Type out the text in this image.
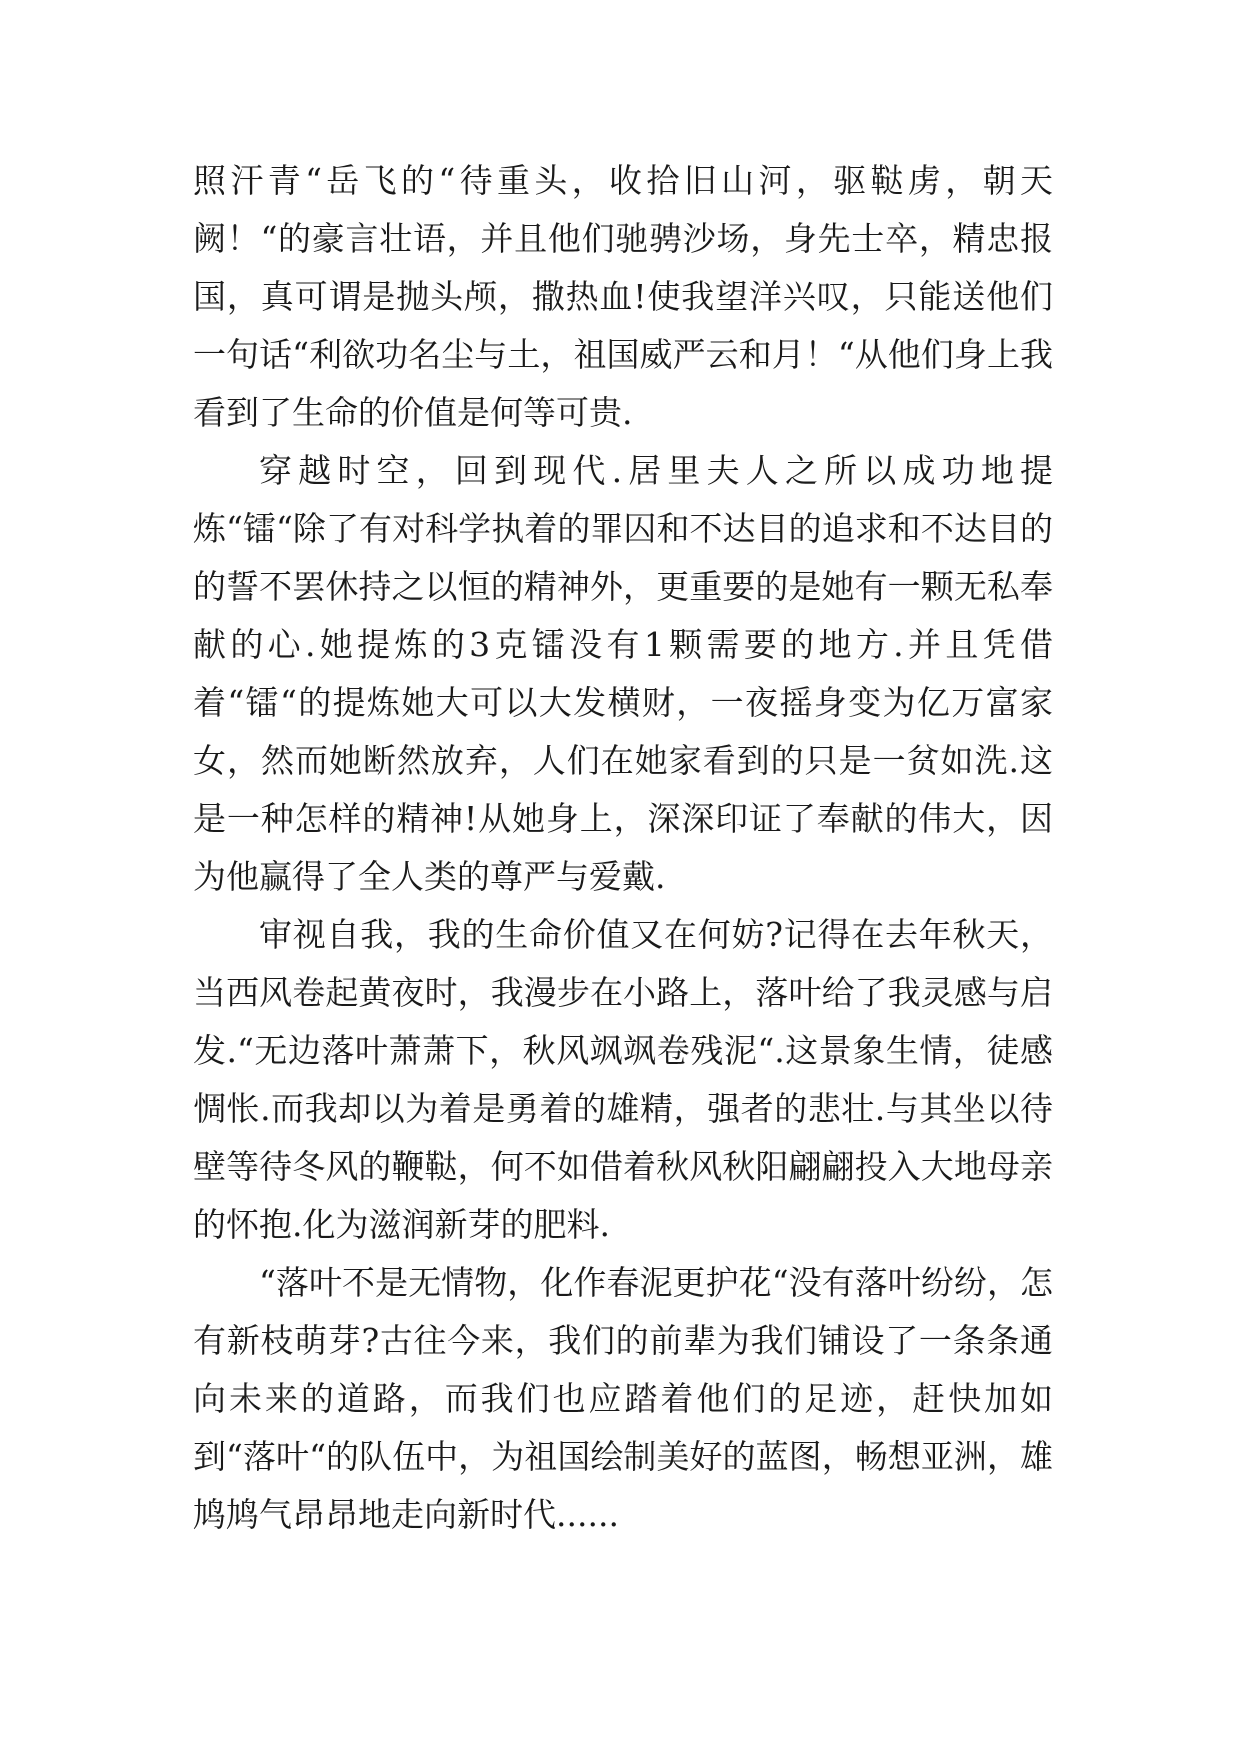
照汗青“岳飞的“待重头，收拾旧山河，驱鞑虏，朝天阙！“的豪言壮语，并且他们驰骋沙场，身先士卒，精忠报国，真可谓是抛头颅，撒热血!使我望洋兴叹，只能送他们一句话“利欲功名尘与土，祖国威严云和月！“从他们身上我看到了生命的价值是何等可贵.

穿越时空，回到现代.居里夫人之所以成功地提炼“镭“除了有对科学执着的罪囚和不达目的追求和不达目的的誓不罢休持之以恒的精神外，更重要的是她有一颗无私奉献的心.她提炼的3克镭没有1颗需要的地方.并且凭借着“镭“的提炼她大可以大发横财，一夜摇身变为亿万富家女，然而她断然放弃，人们在她家看到的只是一贫如洗.这是一种怎样的精神!从她身上，深深印证了奉献的伟大，因为他赢得了全人类的尊严与爱戴.

审视自我，我的生命价值又在何妨?记得在去年秋天，当西风卷起黄夜时，我漫步在小路上，落叶给了我灵感与启发.“无边落叶萧萧下，秋风飒飒卷残泥“.这景象生情，徒感惆怅.而我却以为着是勇着的雄精，强者的悲壮.与其坐以待壁等待冬风的鞭鞑，何不如借着秋风秋阳翩翩投入大地母亲的怀抱.化为滋润新芽的肥料.

“落叶不是无情物，化作春泥更护花“没有落叶纷纷，怎有新枝萌芽?古往今来，我们的前辈为我们铺设了一条条通向未来的道路，而我们也应踏着他们的足迹，赶快加如到“落叶“的队伍中，为祖国绘制美好的蓝图，畅想亚洲，雄鸠鸠气昂昂地走向新时代......
